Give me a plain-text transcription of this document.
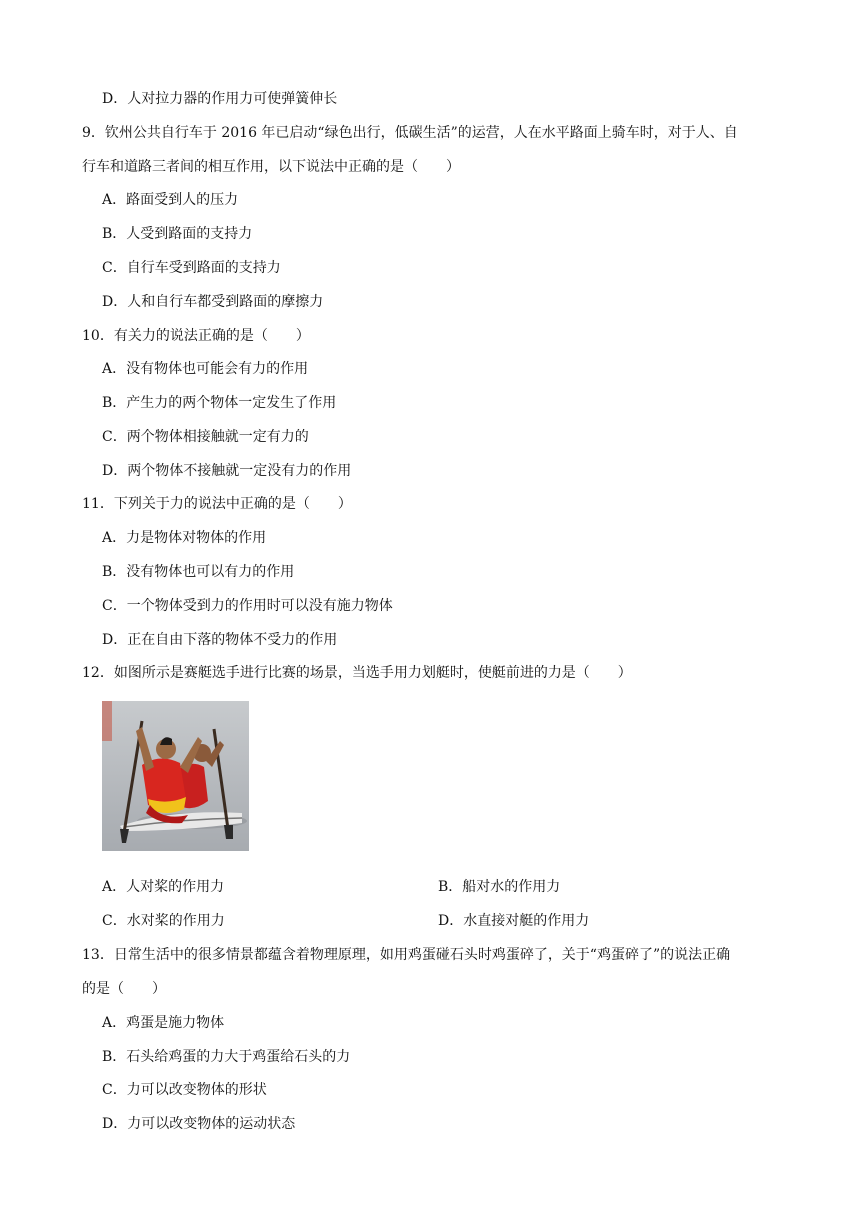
D．人对拉力器的作用力可使弹簧伸长
9．钦州公共自行车于 2016 年已启动“绿色出行，低碳生活”的运营，人在水平路面上骑车时，对于人、自
行车和道路三者间的相互作用，以下说法中正确的是（　　）
A．路面受到人的压力
B．人受到路面的支持力
C．自行车受到路面的支持力
D．人和自行车都受到路面的摩擦力
10．有关力的说法正确的是（　　）
A．没有物体也可能会有力的作用
B．产生力的两个物体一定发生了作用
C．两个物体相接触就一定有力的
D．两个物体不接触就一定没有力的作用
11．下列关于力的说法中正确的是（　　）
A．力是物体对物体的作用
B．没有物体也可以有力的作用
C．一个物体受到力的作用时可以没有施力物体
D．正在自由下落的物体不受力的作用
12．如图所示是赛艇选手进行比赛的场景，当选手用力划艇时，使艇前进的力是（　　）
A．人对桨的作用力	B．船对水的作用力
C．水对桨的作用力	D．水直接对艇的作用力
13．日常生活中的很多情景都蕴含着物理原理，如用鸡蛋碰石头时鸡蛋碎了，关于“鸡蛋碎了”的说法正确
的是（　　）
A．鸡蛋是施力物体
B．石头给鸡蛋的力大于鸡蛋给石头的力
C．力可以改变物体的形状
D．力可以改变物体的运动状态
